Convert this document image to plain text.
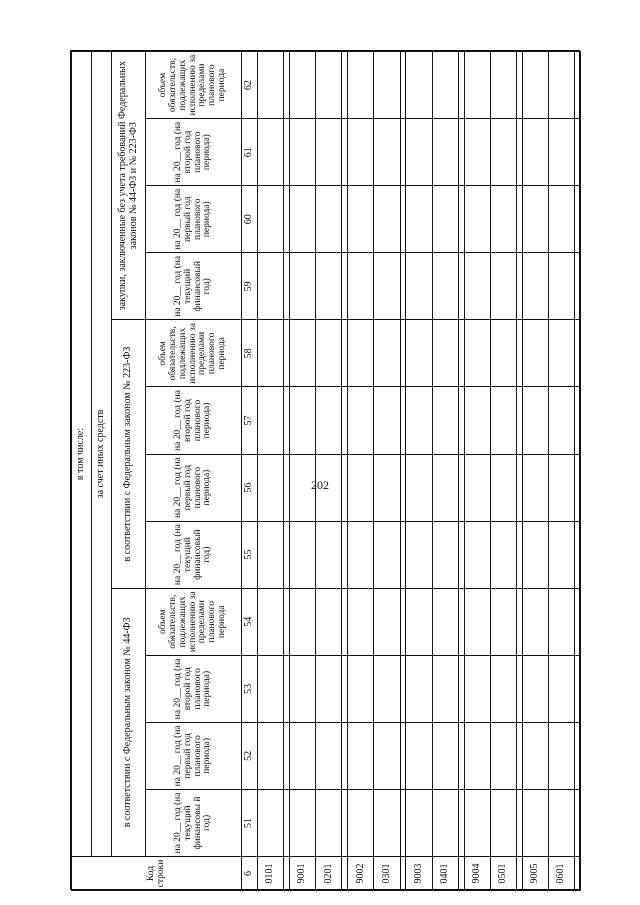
202
Код строки	в том числе:											
	за счет иных средств											
	в соответствии с Федеральным законом № 44-ФЗ				в соответствии с Федеральным законом № 223-ФЗ				закупки, заключенные без учета требований Федеральных законов № 44-ФЗ и № 223-ФЗ			
	на 20__ год (на текущий финансовы й год)	на 20__ год (на первый год планового периода)	на 20__ год (на второй год планового периода)	объем обязательств, подлежащих исполнению за пределами планового периода	на 20__ год (на текущий финансовый год)	на 20__ год (на первый год планового периода)	на 20__ год (на второй год планового периода)	объем обязательств, подлежащих исполнению за пределами планового периода	на 20__ год (на текущий финансовый год)	на 20__ год (на первый год планового периода)	на 20__ год (на второй год планового периода)	объем обязательств, подлежащих исполнению за пределами планового периода
6	51	52	53	54	55	56	57	58	59	60	61	62
0101												

9001												
0201												

9002												
0301												

9003												
0401												

9004												
0501												

9005												
0601												
